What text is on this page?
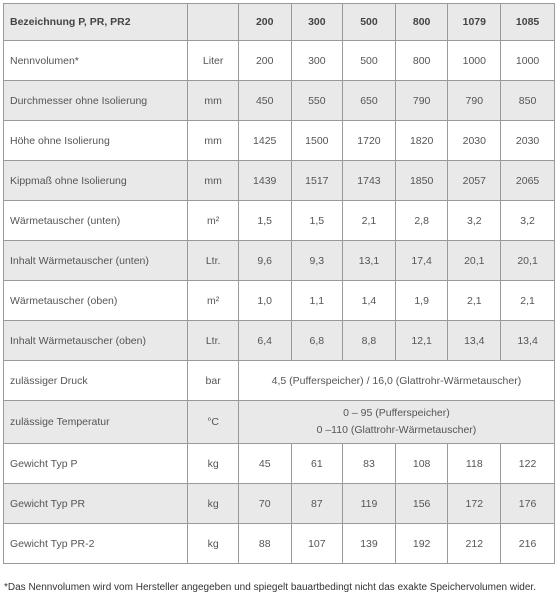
Bezeichnung P, PR, PR2		200	300	500	800	1079	1085
Nennvolumen*	Liter	200	300	500	800	1000	1000
Durchmesser ohne Isolierung	mm	450	550	650	790	790	850
Höhe ohne Isolierung	mm	1425	1500	1720	1820	2030	2030
Kippmaß ohne Isolierung	mm	1439	1517	1743	1850	2057	2065
Wärmetauscher (unten)	m²	1,5	1,5	2,1	2,8	3,2	3,2
Inhalt Wärmetauscher (unten)	Ltr.	9,6	9,3	13,1	17,4	20,1	20,1
Wärmetauscher (oben)	m²	1,0	1,1	1,4	1,9	2,1	2,1
Inhalt Wärmetauscher (oben)	Ltr.	6,4	6,8	8,8	12,1	13,4	13,4
zulässiger Druck	bar	4,5 (Pufferspeicher) / 16,0 (Glattrohr-Wärmetauscher)					
zulässige Temperatur	°C	0 – 95 (Pufferspeicher)
0 –110 (Glattrohr-Wärmetauscher)					

Gewicht Typ P	kg	45	61	83	108	118	122
Gewicht Typ PR	kg	70	87	119	156	172	176
Gewicht Typ PR-2	kg	88	107	139	192	212	216
*Das Nennvolumen wird vom Hersteller angegeben und spiegelt bauartbedingt nicht das exakte Speichervolumen wider.
